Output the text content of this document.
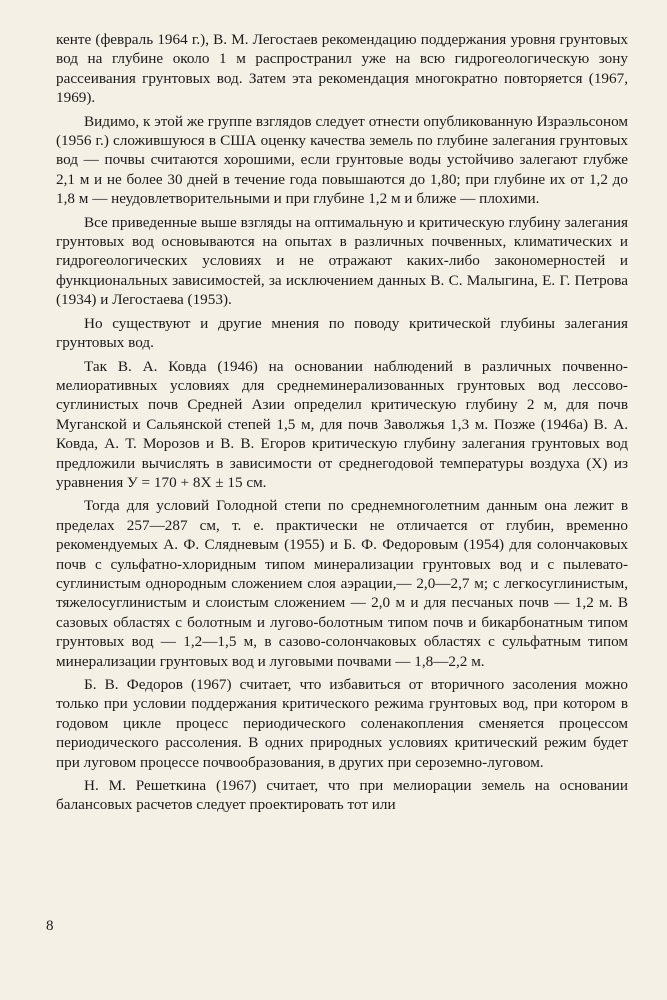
кенте (февраль 1964 г.), В. М. Легостаев рекомендацию поддержания уровня грунтовых вод на глубине около 1 м распространил уже на всю гидрогеологическую зону рассеивания грунтовых вод. Затем эта рекомендация многократно повторяется (1967, 1969).

Видимо, к этой же группе взглядов следует отнести опубликованную Израэльсоном (1956 г.) сложившуюся в США оценку качества земель по глубине залегания грунтовых вод — почвы считаются хорошими, если грунтовые воды устойчиво залегают глубже 2,1 м и не более 30 дней в течение года повышаются до 1,80; при глубине их от 1,2 до 1,8 м — неудовлетворительными и при глубине 1,2 м и ближе — плохими.

Все приведенные выше взгляды на оптимальную и критическую глубину залегания грунтовых вод основываются на опытах в различных почвенных, климатических и гидрогеологических условиях и не отражают каких-либо закономерностей и функциональных зависимостей, за исключением данных В. С. Малыгина, Е. Г. Петрова (1934) и Легостаева (1953).

Но существуют и другие мнения по поводу критической глубины залегания грунтовых вод.

Так В. А. Ковда (1946) на основании наблюдений в различных почвенно-мелиоративных условиях для среднеминерализованных грунтовых вод лессово-суглинистых почв Средней Азии определил критическую глубину 2 м, для почв Муганской и Сальянской степей 1,5 м, для почв Заволжья 1,3 м. Позже (1946а) В. А. Ковда, А. Т. Морозов и В. В. Егоров критическую глубину залегания грунтовых вод предложили вычислять в зависимости от среднегодовой температуры воздуха (X) из уравнения У = 170 + 8X ± 15 см.

Тогда для условий Голодной степи по среднемноголетним данным она лежит в пределах 257—287 см, т. е. практически не отличается от глубин, временно рекомендуемых А. Ф. Слядневым (1955) и Б. Ф. Федоровым (1954) для солончаковых почв с сульфатно-хлоридным типом минерализации грунтовых вод и с пылевато-суглинистым однородным сложением слоя аэрации,— 2,0—2,7 м; с легкосуглинистым, тяжелосуглинистым и слоистым сложением — 2,0 м и для песчаных почв — 1,2 м. В сазовых областях с болотным и лугово-болотным типом почв и бикарбонатным типом грунтовых вод — 1,2—1,5 м, в сазово-солончаковых областях с сульфатным типом минерализации грунтовых вод и луговыми почвами — 1,8—2,2 м.

Б. В. Федоров (1967) считает, что избавиться от вторичного засоления можно только при условии поддержания критического режима грунтовых вод, при котором в годовом цикле процесс периодического соленакопления сменяется процессом периодического рассоления. В одних природных условиях критический режим будет при луговом процессе почвообразования, в других при сероземно-луговом.

Н. М. Решеткина (1967) считает, что при мелиорации земель на основании балансовых расчетов следует проектировать тот или

8
